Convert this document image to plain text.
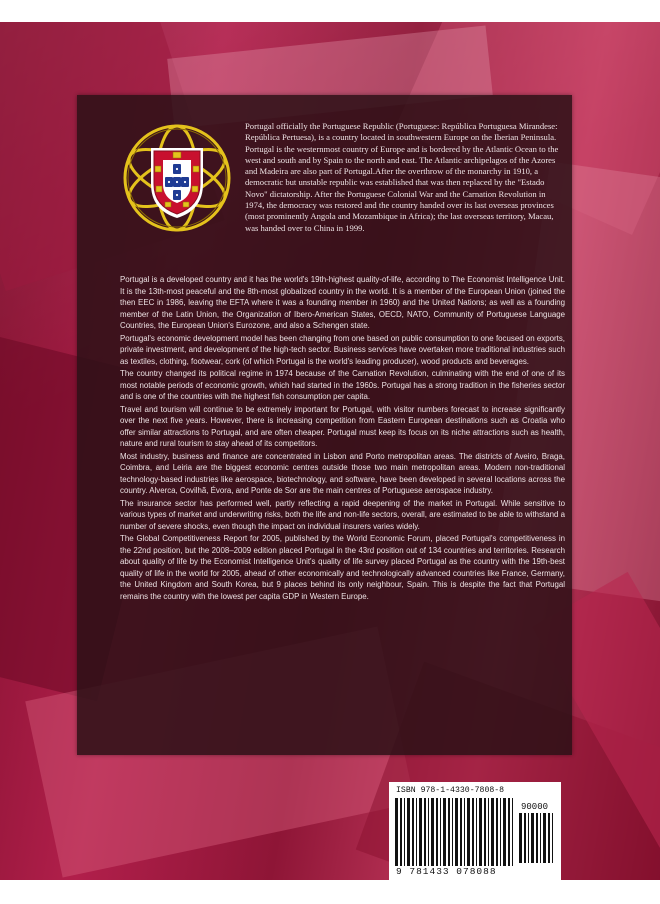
Portugal officially the Portuguese Republic (Portuguese: República Portuguesa Mirandese: República Pertuesa), is a country located in southwestern Europe on the Iberian Peninsula. Portugal is the westernmost country of Europe and is bordered by the Atlantic Ocean to the west and south and by Spain to the north and east. The Atlantic archipelagos of the Azores and Madeira are also part of Portugal.After the overthrow of the monarchy in 1910, a democratic but unstable republic was established that was then replaced by the "Estado Novo" dictatorship. After the Portuguese Colonial War and the Carnation Revolution in 1974, the democracy was restored and the country handed over its last overseas provinces (most prominently Angola and Mozambique in Africa); the last overseas territory, Macau, was handed over to China in 1999.

Portugal is a developed country and it has the world's 19th-highest quality-of-life, according to The Economist Intelligence Unit. It is the 13th-most peaceful and the 8th-most globalized country in the world. It is a member of the European Union (joined the then EEC in 1986, leaving the EFTA where it was a founding member in 1960) and the United Nations; as well as a founding member of the Latin Union, the Organization of Ibero-American States, OECD, NATO, Community of Portuguese Language Countries, the European Union's Eurozone, and also a Schengen state.

Portugal's economic development model has been changing from one based on public consumption to one focused on exports, private investment, and development of the high-tech sector. Business services have overtaken more traditional industries such as textiles, clothing, footwear, cork (of which Portugal is the world's leading producer), wood products and beverages.

The country changed its political regime in 1974 because of the Carnation Revolution, culminating with the end of one of its most notable periods of economic growth, which had started in the 1960s. Portugal has a strong tradition in the fisheries sector and is one of the countries with the highest fish consumption per capita.

Travel and tourism will continue to be extremely important for Portugal, with visitor numbers forecast to increase significantly over the next five years. However, there is increasing competition from Eastern European destinations such as Croatia who offer similar attractions to Portugal, and are often cheaper. Portugal must keep its focus on its niche attractions such as health, nature and rural tourism to stay ahead of its competitors.

Most industry, business and finance are concentrated in Lisbon and Porto metropolitan areas. The districts of Aveiro, Braga, Coimbra, and Leiria are the biggest economic centres outside those two main metropolitan areas. Modern non-traditional technology-based industries like aerospace, biotechnology, and software, have been developed in several locations across the country. Alverca, Covilhã, Évora, and Ponte de Sor are the main centres of Portuguese aerospace industry.

The insurance sector has performed well, partly reflecting a rapid deepening of the market in Portugal. While sensitive to various types of market and underwriting risks, both the life and non-life sectors, overall, are estimated to be able to withstand a number of severe shocks, even though the impact on individual insurers varies widely.

The Global Competitiveness Report for 2005, published by the World Economic Forum, placed Portugal's competitiveness in the 22nd position, but the 2008–2009 edition placed Portugal in the 43rd position out of 134 countries and territories. Research about quality of life by the Economist Intelligence Unit's quality of life survey placed Portugal as the country with the 19th-best quality of life in the world for 2005, ahead of other economically and technologically advanced countries like France, Germany, the United Kingdom and South Korea, but 9 places behind its only neighbour, Spain. This is despite the fact that Portugal remains the country with the lowest per capita GDP in Western Europe.

ISBN 978-1-4330-7808-8
90000
9 781433 078088
